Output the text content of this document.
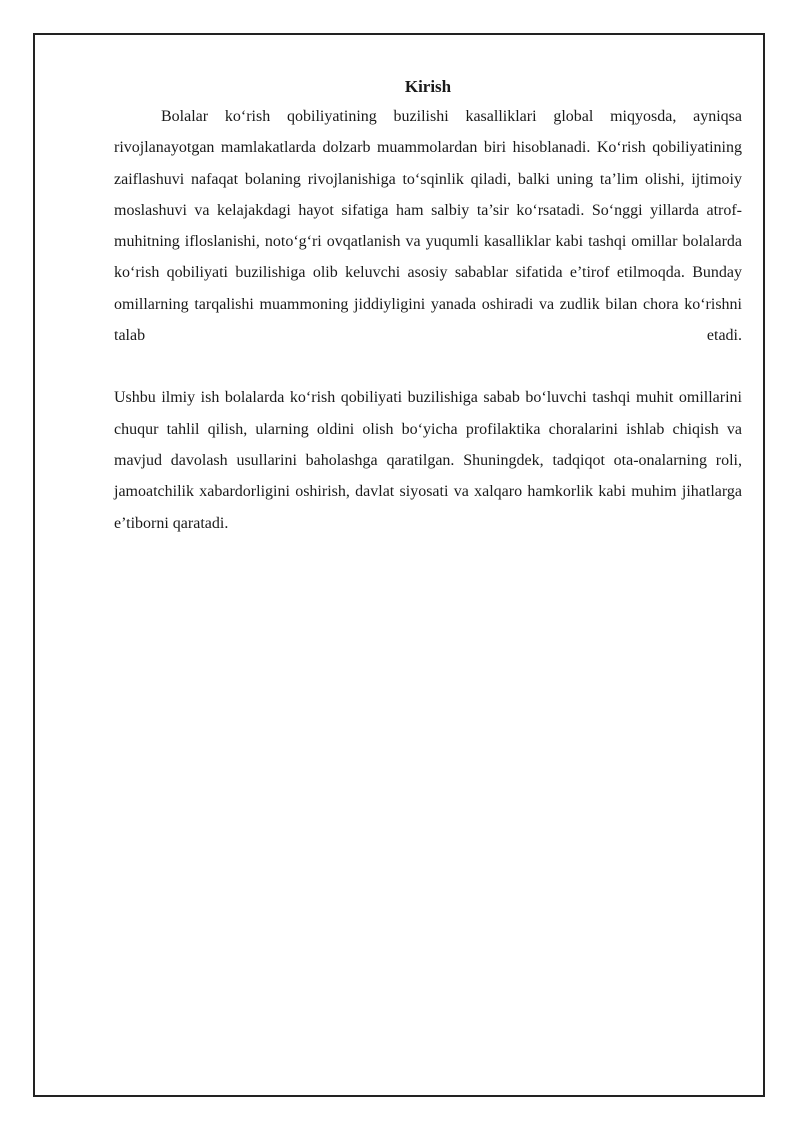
Kirish

Bolalar ko‘rish qobiliyatining buzilishi kasalliklari global miqyosda, ayniqsa rivojlanayotgan mamlakatlarda dolzarb muammolardan biri hisoblanadi. Ko‘rish qobiliyatining zaiflashuvi nafaqat bolaning rivojlanishiga to‘sqinlik qiladi, balki uning ta’lim olishi, ijtimoiy moslashuvi va kelajakdagi hayot sifatiga ham salbiy ta’sir ko‘rsatadi. So‘nggi yillarda atrof-muhitning ifloslanishi, noto‘g‘ri ovqatlanish va yuqumli kasalliklar kabi tashqi omillar bolalarda ko‘rish qobiliyati buzilishiga olib keluvchi asosiy sabablar sifatida e’tirof etilmoqda. Bunday omillarning tarqalishi muammoning jiddiyligini yanada oshiradi va zudlik bilan chora ko‘rishni talab etadi.

Ushbu ilmiy ish bolalarda ko‘rish qobiliyati buzilishiga sabab bo‘luvchi tashqi muhit omillarini chuqur tahlil qilish, ularning oldini olish bo‘yicha profilaktika choralarini ishlab chiqish va mavjud davolash usullarini baholashga qaratilgan. Shuningdek, tadqiqot ota-onalarning roli, jamoatchilik xabardorligini oshirish, davlat siyosati va xalqaro hamkorlik kabi muhim jihatlarga e’tiborni qaratadi.
